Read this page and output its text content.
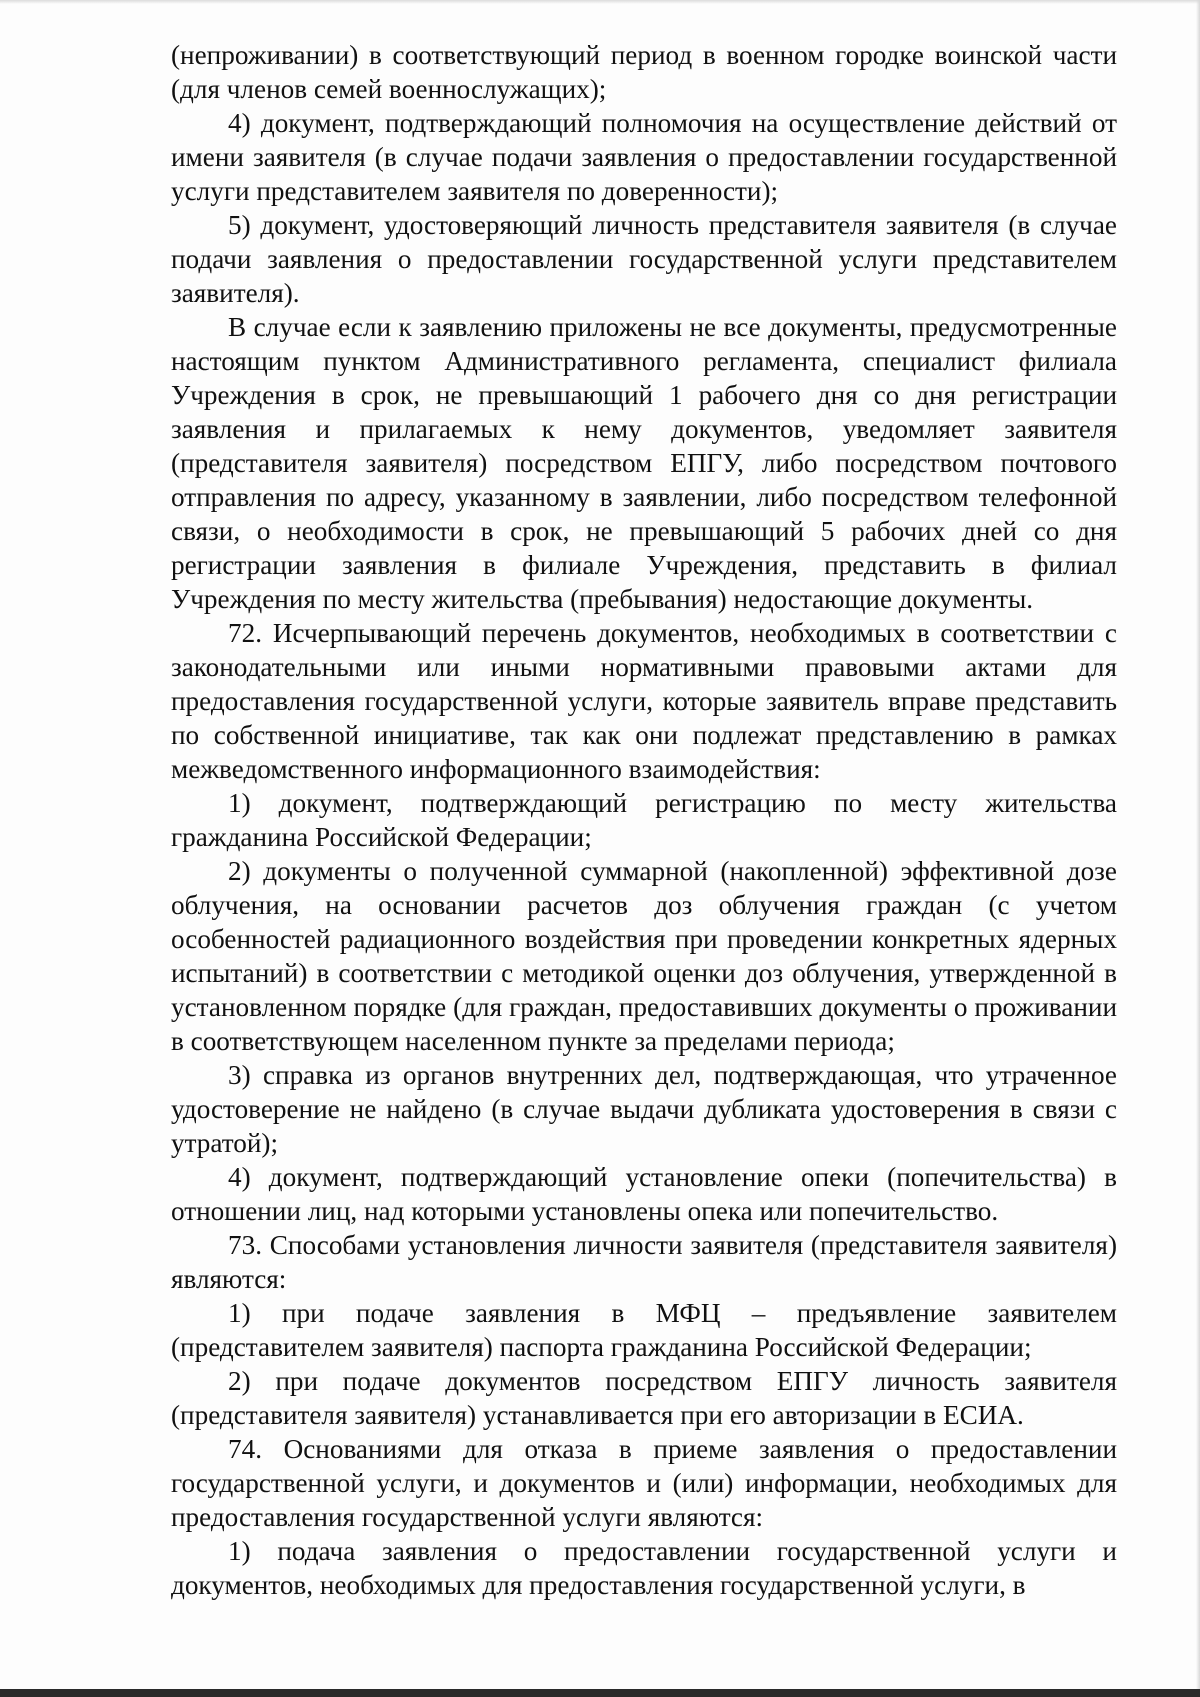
(непроживании) в соответствующий период в военном городке воинской части (для членов семей военнослужащих);

4) документ, подтверждающий полномочия на осуществление действий от имени заявителя (в случае подачи заявления о предоставлении государственной услуги представителем заявителя по доверенности);

5) документ, удостоверяющий личность представителя заявителя (в случае подачи заявления о предоставлении государственной услуги представителем заявителя).

В случае если к заявлению приложены не все документы, предусмотренные настоящим пунктом Административного регламента, специалист филиала Учреждения в срок, не превышающий 1 рабочего дня со дня регистрации заявления и прилагаемых к нему документов, уведомляет заявителя (представителя заявителя) посредством ЕПГУ, либо посредством почтового отправления по адресу, указанному в заявлении, либо посредством телефонной связи, о необходимости в срок, не превышающий 5 рабочих дней со дня регистрации заявления в филиале Учреждения, представить в филиал Учреждения по месту жительства (пребывания) недостающие документы.

72. Исчерпывающий перечень документов, необходимых в соответствии с законодательными или иными нормативными правовыми актами для предоставления государственной услуги, которые заявитель вправе представить по собственной инициативе, так как они подлежат представлению в рамках межведомственного информационного взаимодействия:

1) документ, подтверждающий регистрацию по месту жительства гражданина Российской Федерации;

2) документы о полученной суммарной (накопленной) эффективной дозе облучения, на основании расчетов доз облучения граждан (с учетом особенностей радиационного воздействия при проведении конкретных ядерных испытаний) в соответствии с методикой оценки доз облучения, утвержденной в установленном порядке (для граждан, предоставивших документы о проживании в соответствующем населенном пункте за пределами периода;

3) справка из органов внутренних дел, подтверждающая, что утраченное удостоверение не найдено (в случае выдачи дубликата удостоверения в связи с утратой);

4) документ, подтверждающий установление опеки (попечительства) в отношении лиц, над которыми установлены опека или попечительство.

73. Способами установления личности заявителя (представителя заявителя) являются:

1) при подаче заявления в МФЦ – предъявление заявителем (представителем заявителя) паспорта гражданина Российской Федерации;

2) при подаче документов посредством ЕПГУ личность заявителя (представителя заявителя) устанавливается при его авторизации в ЕСИА.

74. Основаниями для отказа в приеме заявления о предоставлении государственной услуги, и документов и (или) информации, необходимых для предоставления государственной услуги являются:

1) подача заявления о предоставлении государственной услуги и документов, необходимых для предоставления государственной услуги, в
